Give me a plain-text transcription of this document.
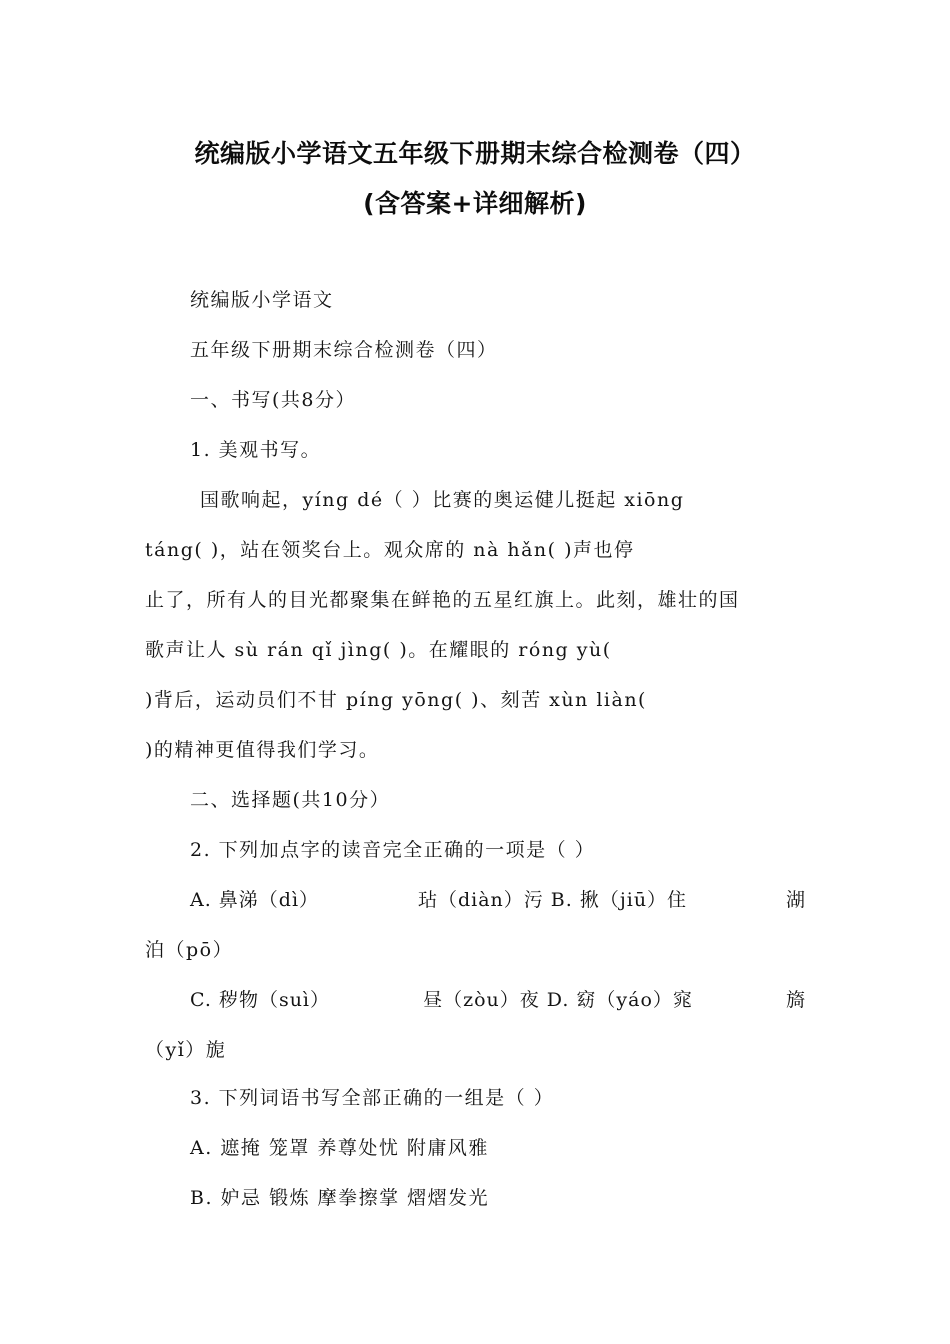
统编版小学语文五年级下册期末综合检测卷（四）
(含答案+详细解析)
统编版小学语文
五年级下册期末综合检测卷（四）
一、书写(共8分）
1. 美观书写。
国歌响起，yíng dé（ ）比赛的奥运健儿挺起 xiōng
táng( )，站在领奖台上。观众席的 nà hǎn( )声也停
止了，所有人的目光都聚集在鲜艳的五星红旗上。此刻，雄壮的国
歌声让人 sù rán qǐ jìng( )。在耀眼的 róng yù(
)背后，运动员们不甘 píng yōng( )、刻苦 xùn liàn(
)的精神更值得我们学习。
二、选择题(共10分）
2. 下列加点字的读音完全正确的一项是（ ）
A. 鼻涕（dì）	玷（diàn）污 B. 揪（jiū）住	湖
泊（pō）
C. 秽物（suì）	昼（zòu）夜 D. 窈（yáo）窕	旖
（yǐ）旎
3. 下列词语书写全部正确的一组是（ ）
A. 遮掩 笼罩 养尊处忧 附庸风雅
B. 妒忌 锻炼 摩拳擦掌 熠熠发光
